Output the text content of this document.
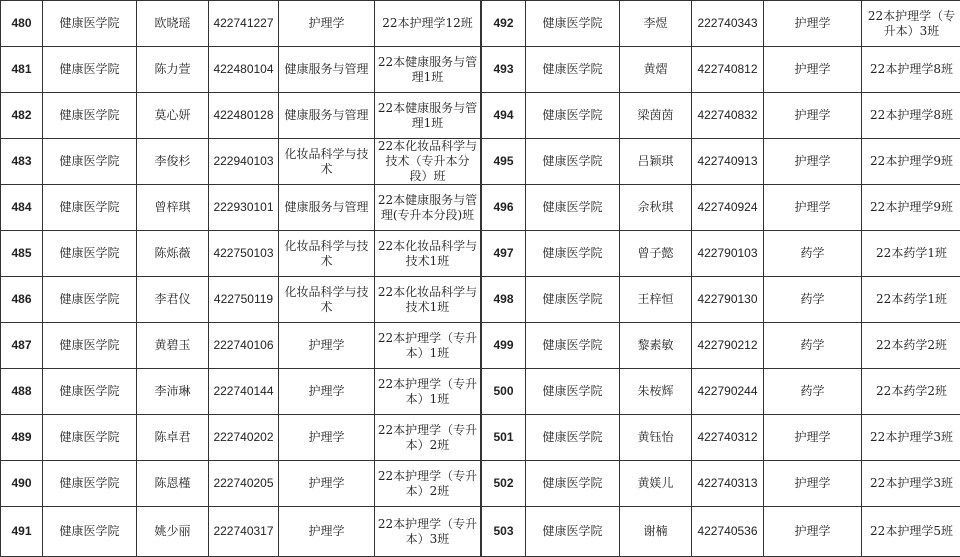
480	健康医学院	欧晓瑶	422741227	护理学	22本护理学12班
481	健康医学院	陈力萱	422480104	健康服务与管理	22本健康服务与管理1班
482	健康医学院	莫心妍	422480128	健康服务与管理	22本健康服务与管理1班
483	健康医学院	李俊杉	222940103	化妆品科学与技术	22本化妆品科学与技术（专升本分段）班
484	健康医学院	曾梓琪	222930101	健康服务与管理	22本健康服务与管理(专升本分段)班
485	健康医学院	陈烁薇	422750103	化妆品科学与技术	22本化妆品科学与技术1班
486	健康医学院	李君仪	422750119	化妆品科学与技术	22本化妆品科学与技术1班
487	健康医学院	黄碧玉	222740106	护理学	22本护理学（专升本）1班
488	健康医学院	李沛琳	222740144	护理学	22本护理学（专升本）1班
489	健康医学院	陈卓君	222740202	护理学	22本护理学（专升本）2班
490	健康医学院	陈恩槿	222740205	护理学	22本护理学（专升本）2班
491	健康医学院	姚少丽	222740317	护理学	22本护理学（专升本）3班
492	健康医学院	李煜	222740343	护理学	22本护理学（专升本）3班
493	健康医学院	黄熠	422740812	护理学	22本护理学8班
494	健康医学院	梁茵茵	422740832	护理学	22本护理学8班
495	健康医学院	吕颖琪	422740913	护理学	22本护理学9班
496	健康医学院	佘秋琪	422740924	护理学	22本护理学9班
497	健康医学院	曾子懿	422790103	药学	22本药学1班
498	健康医学院	王梓恒	422790130	药学	22本药学1班
499	健康医学院	黎素敏	422790212	药学	22本药学2班
500	健康医学院	朱桉辉	422790244	药学	22本药学2班
501	健康医学院	黄钰怡	422740312	护理学	22本护理学3班
502	健康医学院	黄媄儿	422740313	护理学	22本护理学3班
503	健康医学院	谢楠	422740536	护理学	22本护理学5班
